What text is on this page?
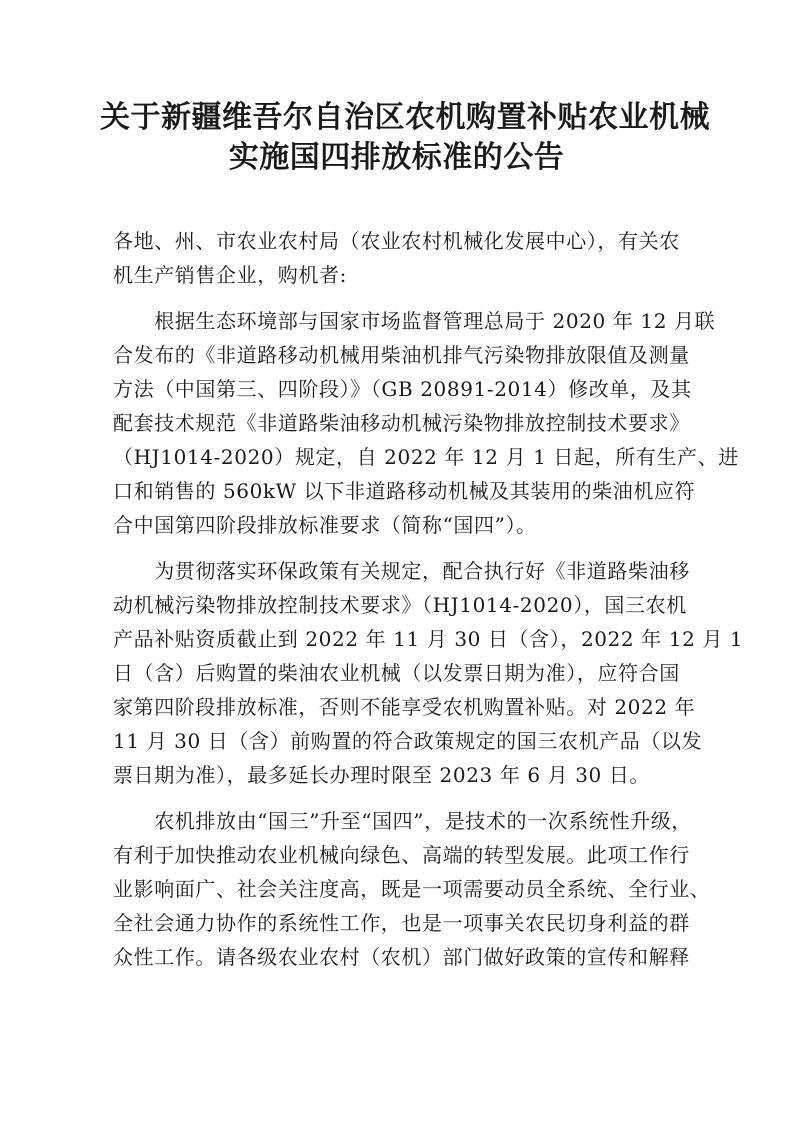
关于新疆维吾尔自治区农机购置补贴农业机械
实施国四排放标准的公告
各地、州、市农业农村局（农业农村机械化发展中心），有关农
机生产销售企业，购机者:
　　根据生态环境部与国家市场监督管理总局于 2020 年 12 月联
合发布的《非道路移动机械用柴油机排气污染物排放限值及测量
方法（中国第三、四阶段）》（GB 20891-2014）修改单，及其
配套技术规范《非道路柴油移动机械污染物排放控制技术要求》
（HJ1014-2020）规定，自 2022 年 12 月 1 日起，所有生产、进
口和销售的 560kW 以下非道路移动机械及其装用的柴油机应符
合中国第四阶段排放标准要求（简称“国四”）。
　　为贯彻落实环保政策有关规定，配合执行好《非道路柴油移
动机械污染物排放控制技术要求》（HJ1014-2020），国三农机
产品补贴资质截止到 2022 年 11 月 30 日（含），2022 年 12 月 1
日（含）后购置的柴油农业机械（以发票日期为准），应符合国
家第四阶段排放标准，否则不能享受农机购置补贴。对 2022 年
11 月 30 日（含）前购置的符合政策规定的国三农机产品（以发
票日期为准），最多延长办理时限至 2023 年 6 月 30 日。
　　农机排放由“国三”升至“国四”，是技术的一次系统性升级，
有利于加快推动农业机械向绿色、高端的转型发展。此项工作行
业影响面广、社会关注度高，既是一项需要动员全系统、全行业、
全社会通力协作的系统性工作，也是一项事关农民切身利益的群
众性工作。请各级农业农村（农机）部门做好政策的宣传和解释
